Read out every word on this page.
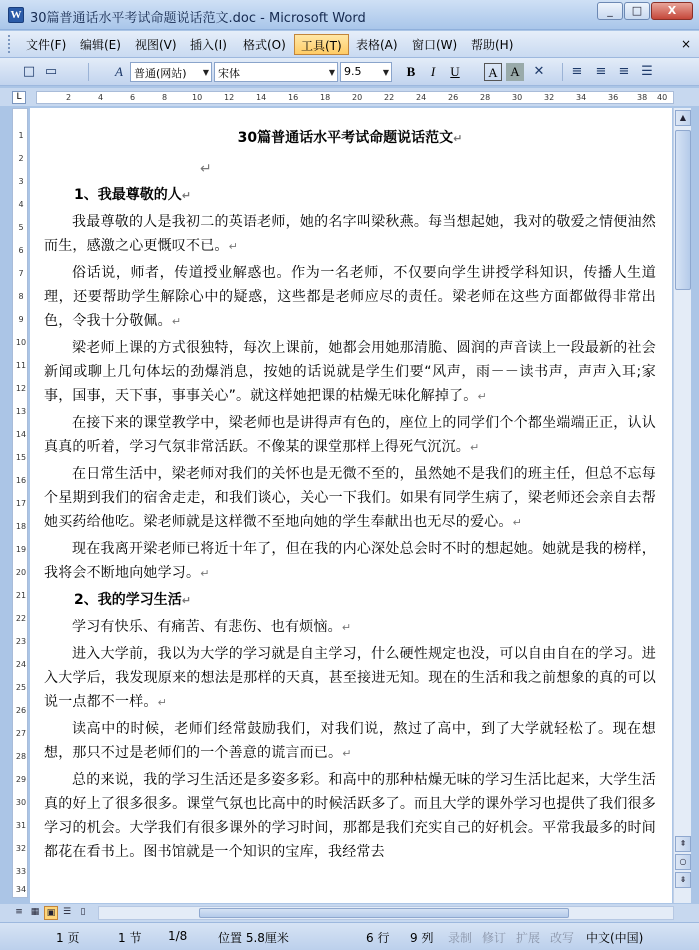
W 30篇普通话水平考试命题说话范文.doc - Microsoft Word
_	□	X
文件(F)	编辑(E)	视图(V)	插入(I)	格式(O)	工具(T)	表格(A)	窗口(W)	帮助(H)	×
□ ▭	A	普通(网站) ▼ 宋体	▼ 9.5	▼	B	I	U	A A	✕ ≡ ≡ ≡ ☰
L	2	4	6	8	10	12	14	16	18	20	22	24	26	28	30	32	34	36 38 40
1
2
3
4
5
6
7
8
9
10
11
12
13
14
15
16
17
18
19
20
21
22
23
24
25
26
27
28
29
30
31
32
33
34
30篇普通话水平考试命题说话范文↵
↵
1、我最尊敬的人↵

我最尊敬的人是我初二的英语老师，她的名字叫梁秋燕。每当想起她，我对的敬爱之情便油然而生，感激之心更慨叹不已。↵

俗话说，师者，传道授业解惑也。作为一名老师，不仅要向学生讲授学科知识，传播人生道理，还要帮助学生解除心中的疑惑，这些都是老师应尽的责任。梁老师在这些方面都做得非常出色，令我十分敬佩。↵

梁老师上课的方式很独特，每次上课前，她都会用她那清脆、圆润的声音读上一段最新的社会新闻或聊上几句体坛的劲爆消息，按她的话说就是学生们要“风声，雨－－读书声，声声入耳;家事，国事，天下事，事事关心”。就这样她把课的枯燥无味化解掉了。↵

在接下来的课堂教学中，梁老师也是讲得声有色的，座位上的同学们个个都坐端端正正，认认真真的听着，学习气氛非常活跃。不像某的课堂那样上得死气沉沉。↵

在日常生活中，梁老师对我们的关怀也是无微不至的，虽然她不是我们的班主任，但总不忘每个星期到我们的宿舍走走，和我们谈心，关心一下我们。如果有同学生病了，梁老师还会亲自去帮她买药给他吃。梁老师就是这样微不至地向她的学生奉献出也无尽的爱心。↵

现在我离开梁老师已将近十年了，但在我的内心深处总会时不时的想起她。她就是我的榜样，我将会不断地向她学习。↵

2、我的学习生活↵

学习有快乐、有痛苦、有悲伤、也有烦恼。↵

进入大学前，我以为大学的学习就是自主学习，什么硬性规定也没，可以自由自在的学习。进入大学后，我发现原来的想法是那样的天真，甚至接进无知。现在的生活和我之前想象的真的可以说一点都不一样。↵

读高中的时候，老师们经常鼓励我们，对我们说，熬过了高中，到了大学就轻松了。现在想想，那只不过是老师们的一个善意的谎言而已。↵

总的来说，我的学习生活还是多姿多彩。和高中的那种枯燥无味的学习生活比起来，大学生活真的好上了很多很多。课堂气氛也比高中的时候活跃多了。而且大学的课外学习也提供了我们很多学习的机会。大学我们有很多课外的学习时间，那都是我们充实自己的好机会。平常我最多的时间都花在看书上。图书馆就是一个知识的宝库，我经常去

▲
⇞
○
⇟
≡ ▦ ▣ ☰	▯
1 页	1 节 1/8	位置 5.8厘米	6 行 9 列 录制 修订 扩展 改写 中文(中国)
